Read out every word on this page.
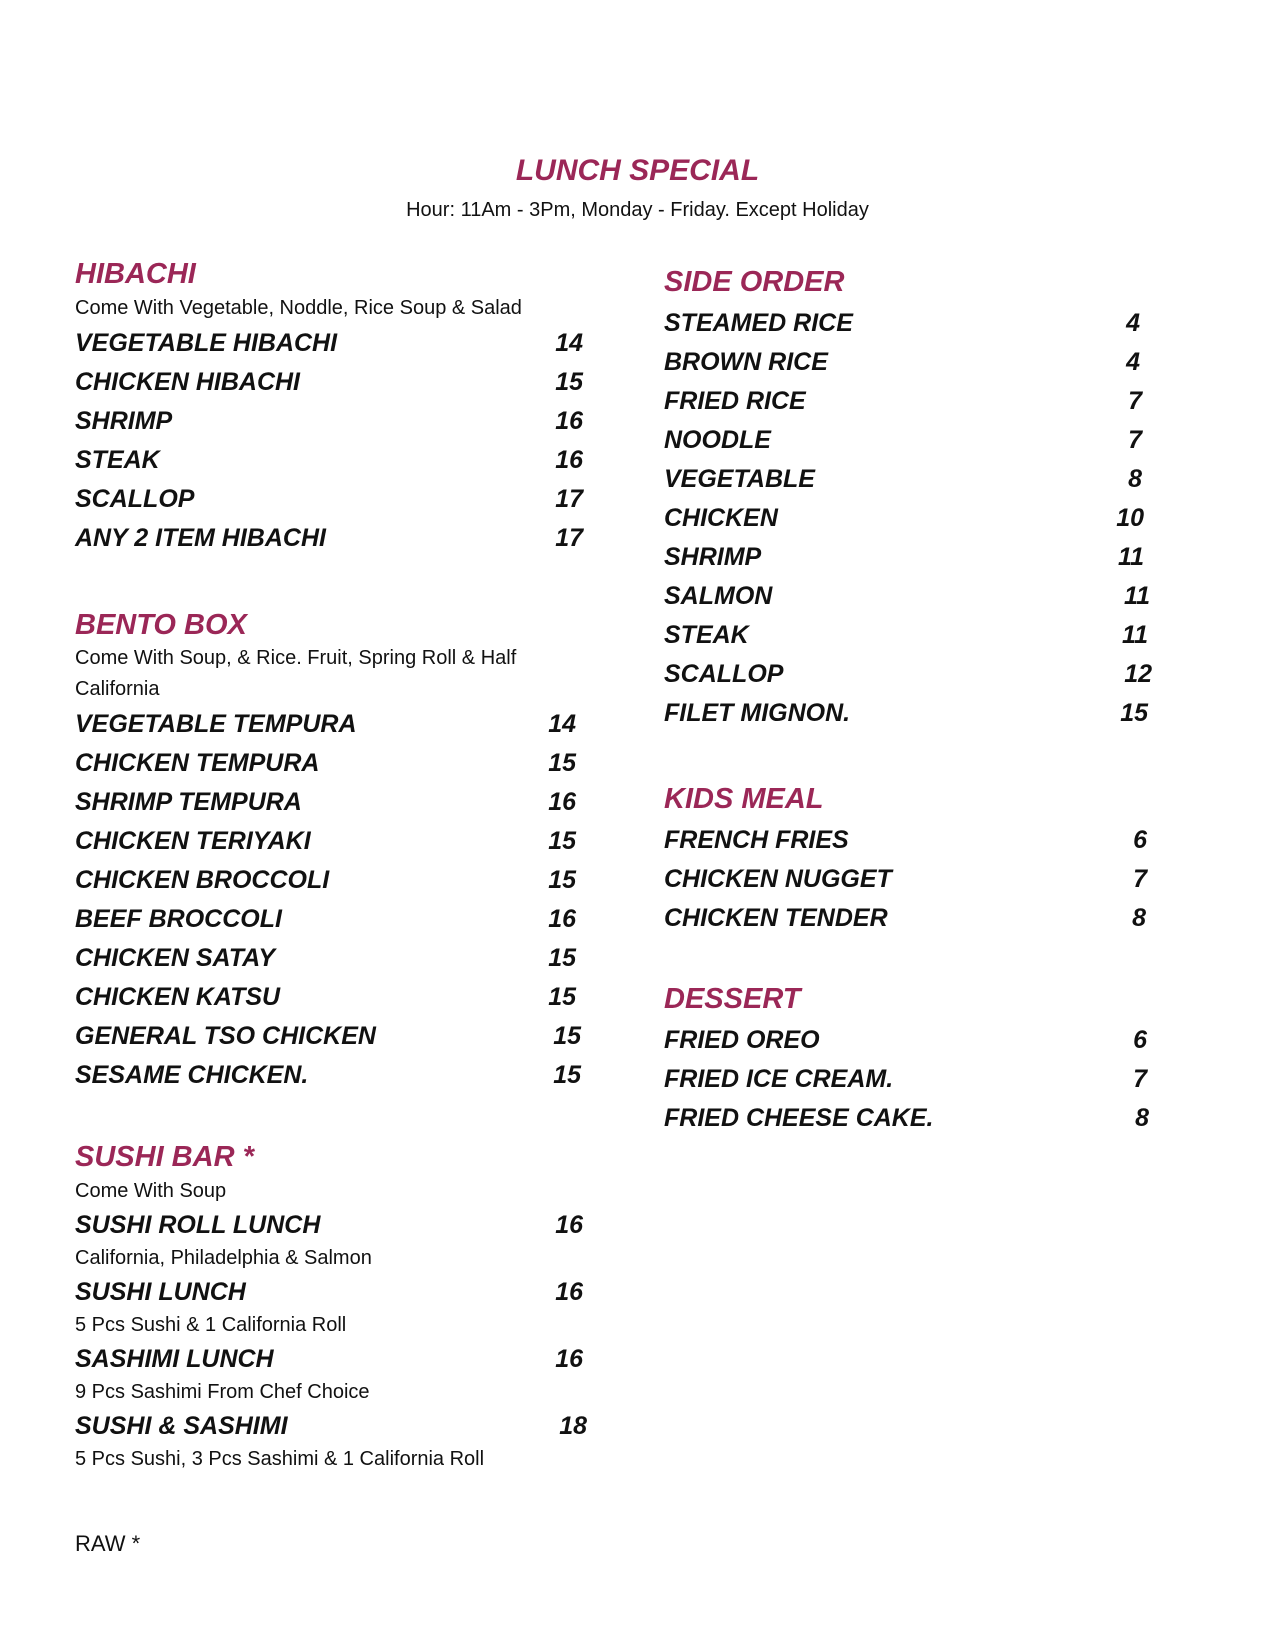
LUNCH SPECIAL
Hour: 11Am - 3Pm, Monday - Friday. Except Holiday
HIBACHI
Come With Vegetable, Noddle, Rice Soup & Salad
VEGETABLE HIBACHI	14
CHICKEN HIBACHI	15
SHRIMP	16
STEAK	16
SCALLOP	17
ANY 2 ITEM HIBACHI	17
BENTO BOX
Come With Soup, & Rice. Fruit, Spring Roll & Half California
VEGETABLE TEMPURA	14
CHICKEN TEMPURA	15
SHRIMP TEMPURA	16
CHICKEN TERIYAKI	15
CHICKEN BROCCOLI	15
BEEF BROCCOLI	16
CHICKEN SATAY	15
CHICKEN KATSU	15
GENERAL TSO CHICKEN	15
SESAME CHICKEN.	15
SUSHI BAR *
Come With Soup
SUSHI ROLL LUNCH	16
California, Philadelphia & Salmon
SUSHI LUNCH	16
5 Pcs Sushi & 1 California Roll
SASHIMI LUNCH	16
9 Pcs Sashimi From Chef Choice
SUSHI & SASHIMI	18
5 Pcs Sushi, 3 Pcs Sashimi & 1 California Roll
SIDE ORDER
STEAMED RICE	4
BROWN RICE	4
FRIED RICE	7
NOODLE	7
VEGETABLE	8
CHICKEN	10
SHRIMP	11
SALMON	11
STEAK	11
SCALLOP	12
FILET MIGNON.	15
KIDS MEAL
FRENCH FRIES	6
CHICKEN NUGGET	7
CHICKEN TENDER	8
DESSERT
FRIED OREO	6
FRIED ICE CREAM.	7
FRIED CHEESE CAKE.	8
RAW *
